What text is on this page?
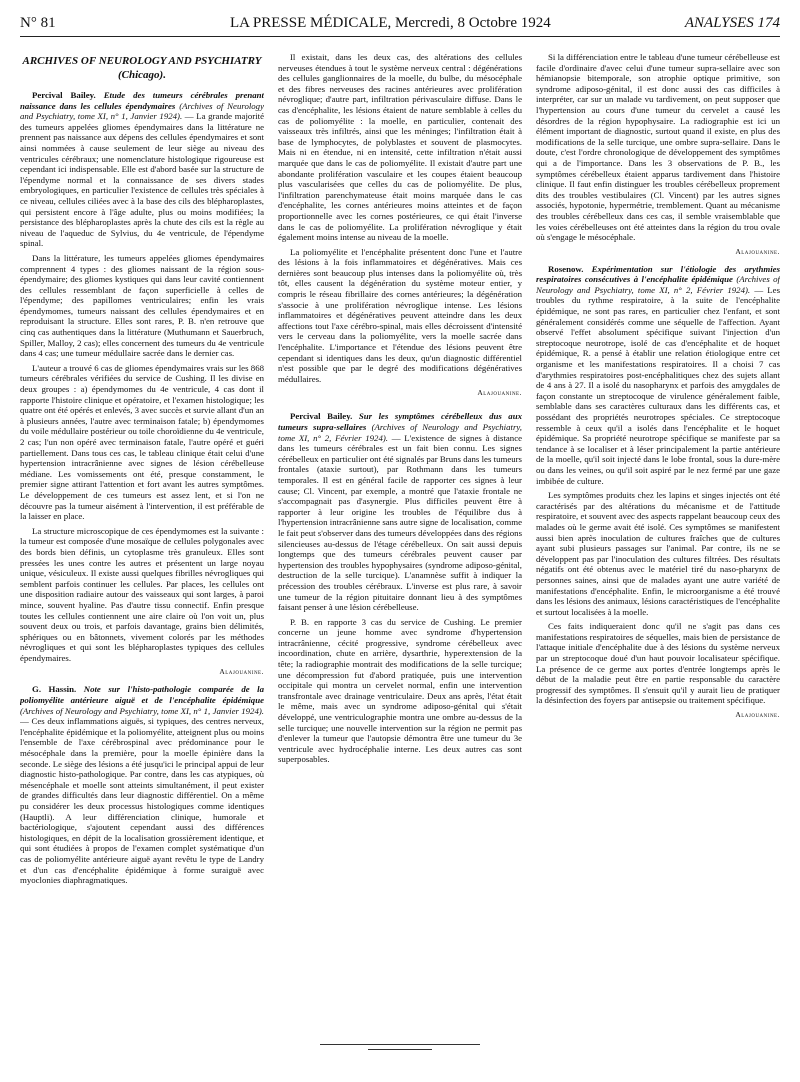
N° 81	LA PRESSE MÉDICALE, Mercredi, 8 Octobre 1924	ANALYSES 174
ARCHIVES OF NEUROLOGY AND PSYCHIATRY
(Chicago).

Percival Bailey. Etude des tumeurs cérébrales prenant naissance dans les cellules épendymaires (Archives of Neurology and Psychiatry, tome XI, n° 1, Janvier 1924). — La grande majorité des tumeurs appelées gliomes épendymaires dans la littérature ne prennent pas naissance aux dépens des cellules épendymaires et sont ainsi nommées à cause seulement de leur siège au niveau des ventricules cérébraux; une nomenclature histologique rigoureuse est cependant ici indispensable. Elle est d'abord basée sur la structure de l'épendyme normal et la connaissance de ses divers stades embryologiques, en particulier l'existence de cellules très spéciales à ce niveau, cellules ciliées avec à la base des cils des blépharoplastes, qui persistent encore à l'âge adulte, plus ou moins modifiées; la persistance des blépharoplastes après la chute des cils est la règle au niveau de l'aqueduc de Sylvius, du 4e ventricule, de l'épendyme spinal.

Dans la littérature, les tumeurs appelées gliomes épendymaires comprennent 4 types : des gliomes naissant de la région sous-épendymaire; des gliomes kystiques qui dans leur cavité contiennent des cellules ressemblant de façon superficielle à celles de l'épendyme; des papillomes ventriculaires; enfin les vrais épendymomes, tumeurs naissant des cellules épendymaires et en reproduisant la structure. Elles sont rares, P. B. n'en retrouve que cinq cas authentiques dans la littérature (Muthumann et Sauerbruch, Spiller, Malloy, 2 cas); elles concernent des tumeurs du 4e ventricule dans 4 cas; une tumeur médullaire sacrée dans le dernier cas.

L'auteur a trouvé 6 cas de gliomes épendymaires vrais sur les 868 tumeurs cérébrales vérifiées du service de Cushing. Il les divise en deux groupes : a) épendymomes du 4e ventricule, 4 cas dont il rapporte l'histoire clinique et opératoire, et l'examen histologique; les quatre ont été opérés et enlevés, 3 avec succès et survie allant d'un an à plusieurs années, l'autre avec terminaison fatale; b) épendymomes du voile médullaire postérieur ou toile choroïdienne du 4e ventricule, 2 cas; l'un non opéré avec terminaison fatale, l'autre opéré et guéri partiellement. Dans tous ces cas, le tableau clinique était celui d'une hypertension intracrânienne avec signes de lésion cérébelleuse médiane. Les vomissements ont été, presque constamment, le premier signe attirant l'attention et fort avant les autres symptômes. Le développement de ces tumeurs est assez lent, et si l'on ne découvre pas la tumeur aisément à l'intervention, il est préférable de la laisser en place.

La structure microscopique de ces épendymomes est la suivante : la tumeur est composée d'une mosaïque de cellules polygonales avec des bords bien définis, un cytoplasme très granuleux. Elles sont pressées les unes contre les autres et présentent un large noyau unique, vésiculeux. Il existe aussi quelques fibrilles névrogliques qui semblent parfois continuer les cellules. Par places, les cellules ont une disposition radiaire autour des vaisseaux qui sont larges, à paroi mince, souvent hyaline. Pas d'autre tissu connectif. Enfin presque toutes les cellules contiennent une aire claire où l'on voit un, plus souvent deux ou trois, et parfois davantage, grains bien délimités, sphériques ou en bâtonnets, vivement colorés par les méthodes névrogliques et qui sont les blépharoplastes typiques des cellules épendymaires.

Alajouanine.

G. Hassin. Note sur l'histo-pathologie comparée de la poliomyélite antérieure aiguë et de l'encéphalite épidémique (Archives of Neurology and Psychiatry, tome XI, n° 1, Janvier 1924). — Ces deux inflammations aiguës, si typiques, des centres nerveux, l'encéphalite épidémique et la poliomyélite, atteignent plus ou moins l'ensemble de l'axe cérébrospinal avec prédominance pour le mésocéphale dans la première, pour la moelle épinière dans la seconde. Le siège des lésions a été jusqu'ici le principal appui de leur diagnostic histo-pathologique. Par contre, dans les cas atypiques, où mésencéphale et moelle sont atteints simultanément, il peut exister de grandes difficultés dans leur diagnostic différentiel. On a même pu considérer les deux processus histologiques comme identiques (Hauptli). A leur différenciation clinique, humorale et bactériologique, s'ajoutent cependant aussi des différences histologiques, en dépit de la localisation grossièrement identique, et qui sont étudiées à propos de l'examen complet systématique d'un cas de poliomyélite antérieure aiguë ayant revêtu le type de Landry et d'un cas d'encéphalite épidémique à forme suraiguë avec myoclonies diaphragmatiques.

Il existait, dans les deux cas, des altérations des cellules nerveuses étendues à tout le système nerveux central : dégénérations des cellules ganglionnaires de la moelle, du bulbe, du mésocéphale et des fibres nerveuses des racines antérieures avec prolifération névroglique; d'autre part, infiltration périvasculaire diffuse. Dans le cas d'encéphalite, les lésions étaient de nature semblable à celles du cas de poliomyélite : la moelle, en particulier, contenait des vaisseaux très infiltrés, ainsi que les méninges; l'infiltration était à base de lymphocytes, de polyblastes et souvent de plasmocytes. Mais ni en étendue, ni en intensité, cette infiltration n'était aussi marquée que dans le cas de poliomyélite. Il existait d'autre part une abondante prolifération vasculaire et les coupes étaient beaucoup plus vascularisées que celles du cas de poliomyélite. De plus, l'infiltration parenchymateuse était moins marquée dans le cas d'encéphalite, les cornes antérieures moins atteintes et de façon proportionnelle avec les cornes postérieures, ce qui était l'inverse dans le cas de poliomyélite. La prolifération névroglique y était également moins intense au niveau de la moelle.

La poliomyélite et l'encéphalite présentent donc l'une et l'autre des lésions à la fois inflammatoires et dégénératives. Mais ces dernières sont beaucoup plus intenses dans la poliomyélite où, très tôt, elles causent la dégénération du système moteur entier, y compris le réseau fibrillaire des cornes antérieures; la dégénération s'associe à une prolifération névroglique intense. Les lésions inflammatoires et dégénératives peuvent atteindre dans les deux affections tout l'axe cérébro-spinal, mais elles décroissent d'intensité vers le cerveau dans la poliomyélite, vers la moelle sacrée dans l'encéphalite. L'importance et l'étendue des lésions peuvent être cependant si identiques dans les deux, qu'un diagnostic différentiel n'est possible que par le degré des modifications dégénératives médullaires.

Alajouanine.

Percival Bailey. Sur les symptômes cérébelleux dus aux tumeurs supra-sellaires (Archives of Neurology and Psychiatry, tome XI, n° 2, Février 1924). — L'existence de signes à distance dans les tumeurs cérébrales est un fait bien connu. Les signes cérébelleux en particulier ont été signalés par Bruns dans les tumeurs frontales (ataxie surtout), par Rothmann dans les tumeurs temporales. Il est en général facile de rapporter ces signes à leur cause; Cl. Vincent, par exemple, a montré que l'ataxie frontale ne s'accompagnait pas d'asynergie. Plus difficiles peuvent être à rapporter à leur origine les troubles de l'équilibre dus à l'hypertension intracrânienne sans autre signe de localisation, comme le fait peut s'observer dans des tumeurs développées dans des régions silencieuses au-dessus de l'étage cérébelleux. On sait aussi depuis longtemps que des tumeurs cérébrales peuvent causer par hypertension des troubles hypophysaires (syndrome adiposo-génital, destruction de la selle turcique). L'anamnèse suffit à indiquer la précession des troubles cérébraux. L'inverse est plus rare, à savoir une tumeur de la région pituitaire donnant lieu à des symptômes faisant penser à une lésion cérébelleuse.

P. B. en rapporte 3 cas du service de Cushing. Le premier concerne un jeune homme avec syndrome d'hypertension intracrânienne, cécité progressive, syndrome cérébelleux avec incoordination, chute en arrière, dysarthrie, hyperextension de la tête; la radiographie montrait des modifications de la selle turcique; une décompression fut d'abord pratiquée, puis une intervention occipitale qui montra un cervelet normal, enfin une intervention transfrontale avec drainage ventriculaire. Deux ans après, l'état était le même, mais avec un syndrome adiposo-génital qui s'était développé, une ventriculographie montra une ombre au-dessus de la selle turcique; une nouvelle intervention sur la région ne permit pas d'enlever la tumeur que l'autopsie démontra être une tumeur du 3e ventricule avec hydrocéphalie interne. Les deux autres cas sont superposables.

Si la différenciation entre le tableau d'une tumeur cérébelleuse est facile d'ordinaire d'avec celui d'une tumeur supra-sellaire avec son hémianopsie bitemporale, son atrophie optique primitive, son syndrome adiposo-génital, il est donc aussi des cas difficiles à interpréter, car sur un malade vu tardivement, on peut supposer que l'hypertension au cours d'une tumeur du cervelet a causé les désordres de la région hypophysaire. La radiographie est ici un élément important de diagnostic, surtout quand il existe, en plus des modifications de la selle turcique, une ombre supra-sellaire. Dans le doute, c'est l'ordre chronologique de développement des symptômes qui a de l'importance. Dans les 3 observations de P. B., les symptômes cérébelleux étaient apparus tardivement dans l'histoire clinique. Il faut enfin distinguer les troubles cérébelleux proprement dits des troubles vestibulaires (Cl. Vincent) par les autres signes associés, hypotonie, hypermétrie, tremblement. Quant au mécanisme des troubles cérébelleux dans ces cas, il semble vraisemblable que les voies cérébelleuses ont été atteintes dans la région du trou ovale où s'engage le mésocéphale.

Alajouanine.

Rosenow. Expérimentation sur l'étiologie des arythmies respiratoires consécutives à l'encéphalite épidémique (Archives of Neurology and Psychiatry, tome XI, n° 2, Février 1924). — Les troubles du rythme respiratoire, à la suite de l'encéphalite épidémique, ne sont pas rares, en particulier chez l'enfant, et sont généralement considérés comme une séquelle de l'affection. Ayant observé l'effet absolument spécifique suivant l'injection d'un streptocoque neurotrope, isolé de cas d'encéphalite et de hoquet épidémique, R. a pensé à établir une relation étiologique entre cet organisme et les manifestations respiratoires. Il a choisi 7 cas d'arythmies respiratoires post-encéphalitiques chez des sujets allant de 4 ans à 27. Il a isolé du nasopharynx et parfois des amygdales de façon constante un streptocoque de virulence généralement faible, semblable dans ses caractères culturaux dans les différents cas, et possédant des propriétés neurotropes spéciales. Ce streptocoque ressemble à ceux qu'il a isolés dans l'encéphalite et le hoquet épidémique. Sa propriété neurotrope spécifique se manifeste par sa tendance à se localiser et à léser principalement la partie antérieure de la moelle, qu'il soit injecté dans le lobe frontal, sous la dure-mère ou dans les veines, ou qu'il soit aspiré par le nez fermé par une gaze imbibée de culture.

Les symptômes produits chez les lapins et singes injectés ont été caractérisés par des altérations du mécanisme et de l'attitude respiratoire, et souvent avec des aspects rappelant beaucoup ceux des malades où le germe avait été isolé. Ces symptômes se manifestent aussi bien après inoculation de cultures fraîches que de cultures ayant subi plusieurs passages sur l'animal. Par contre, ils ne se développent pas par l'inoculation des cultures filtrées. Des résultats négatifs ont été obtenus avec le matériel tiré du naso-pharynx de personnes saines, ainsi que de malades ayant une autre variété de manifestations d'encéphalite. Enfin, le microorganisme a été trouvé dans les lésions des animaux, lésions caractéristiques de l'encéphalite et surtout localisées à la moelle.

Ces faits indiqueraient donc qu'il ne s'agit pas dans ces manifestations respiratoires de séquelles, mais bien de persistance de l'attaque initiale d'encéphalite due à des lésions du système nerveux par un streptocoque doué d'un haut pouvoir localisateur spécifique. La présence de ce germe aux portes d'entrée longtemps après le début de la maladie peut être en partie responsable du caractère progressif des symptômes. Il s'ensuit qu'il y aurait lieu de pratiquer la désinfection des foyers par antisepsie ou traitement spécifique.

Alajouanine.
